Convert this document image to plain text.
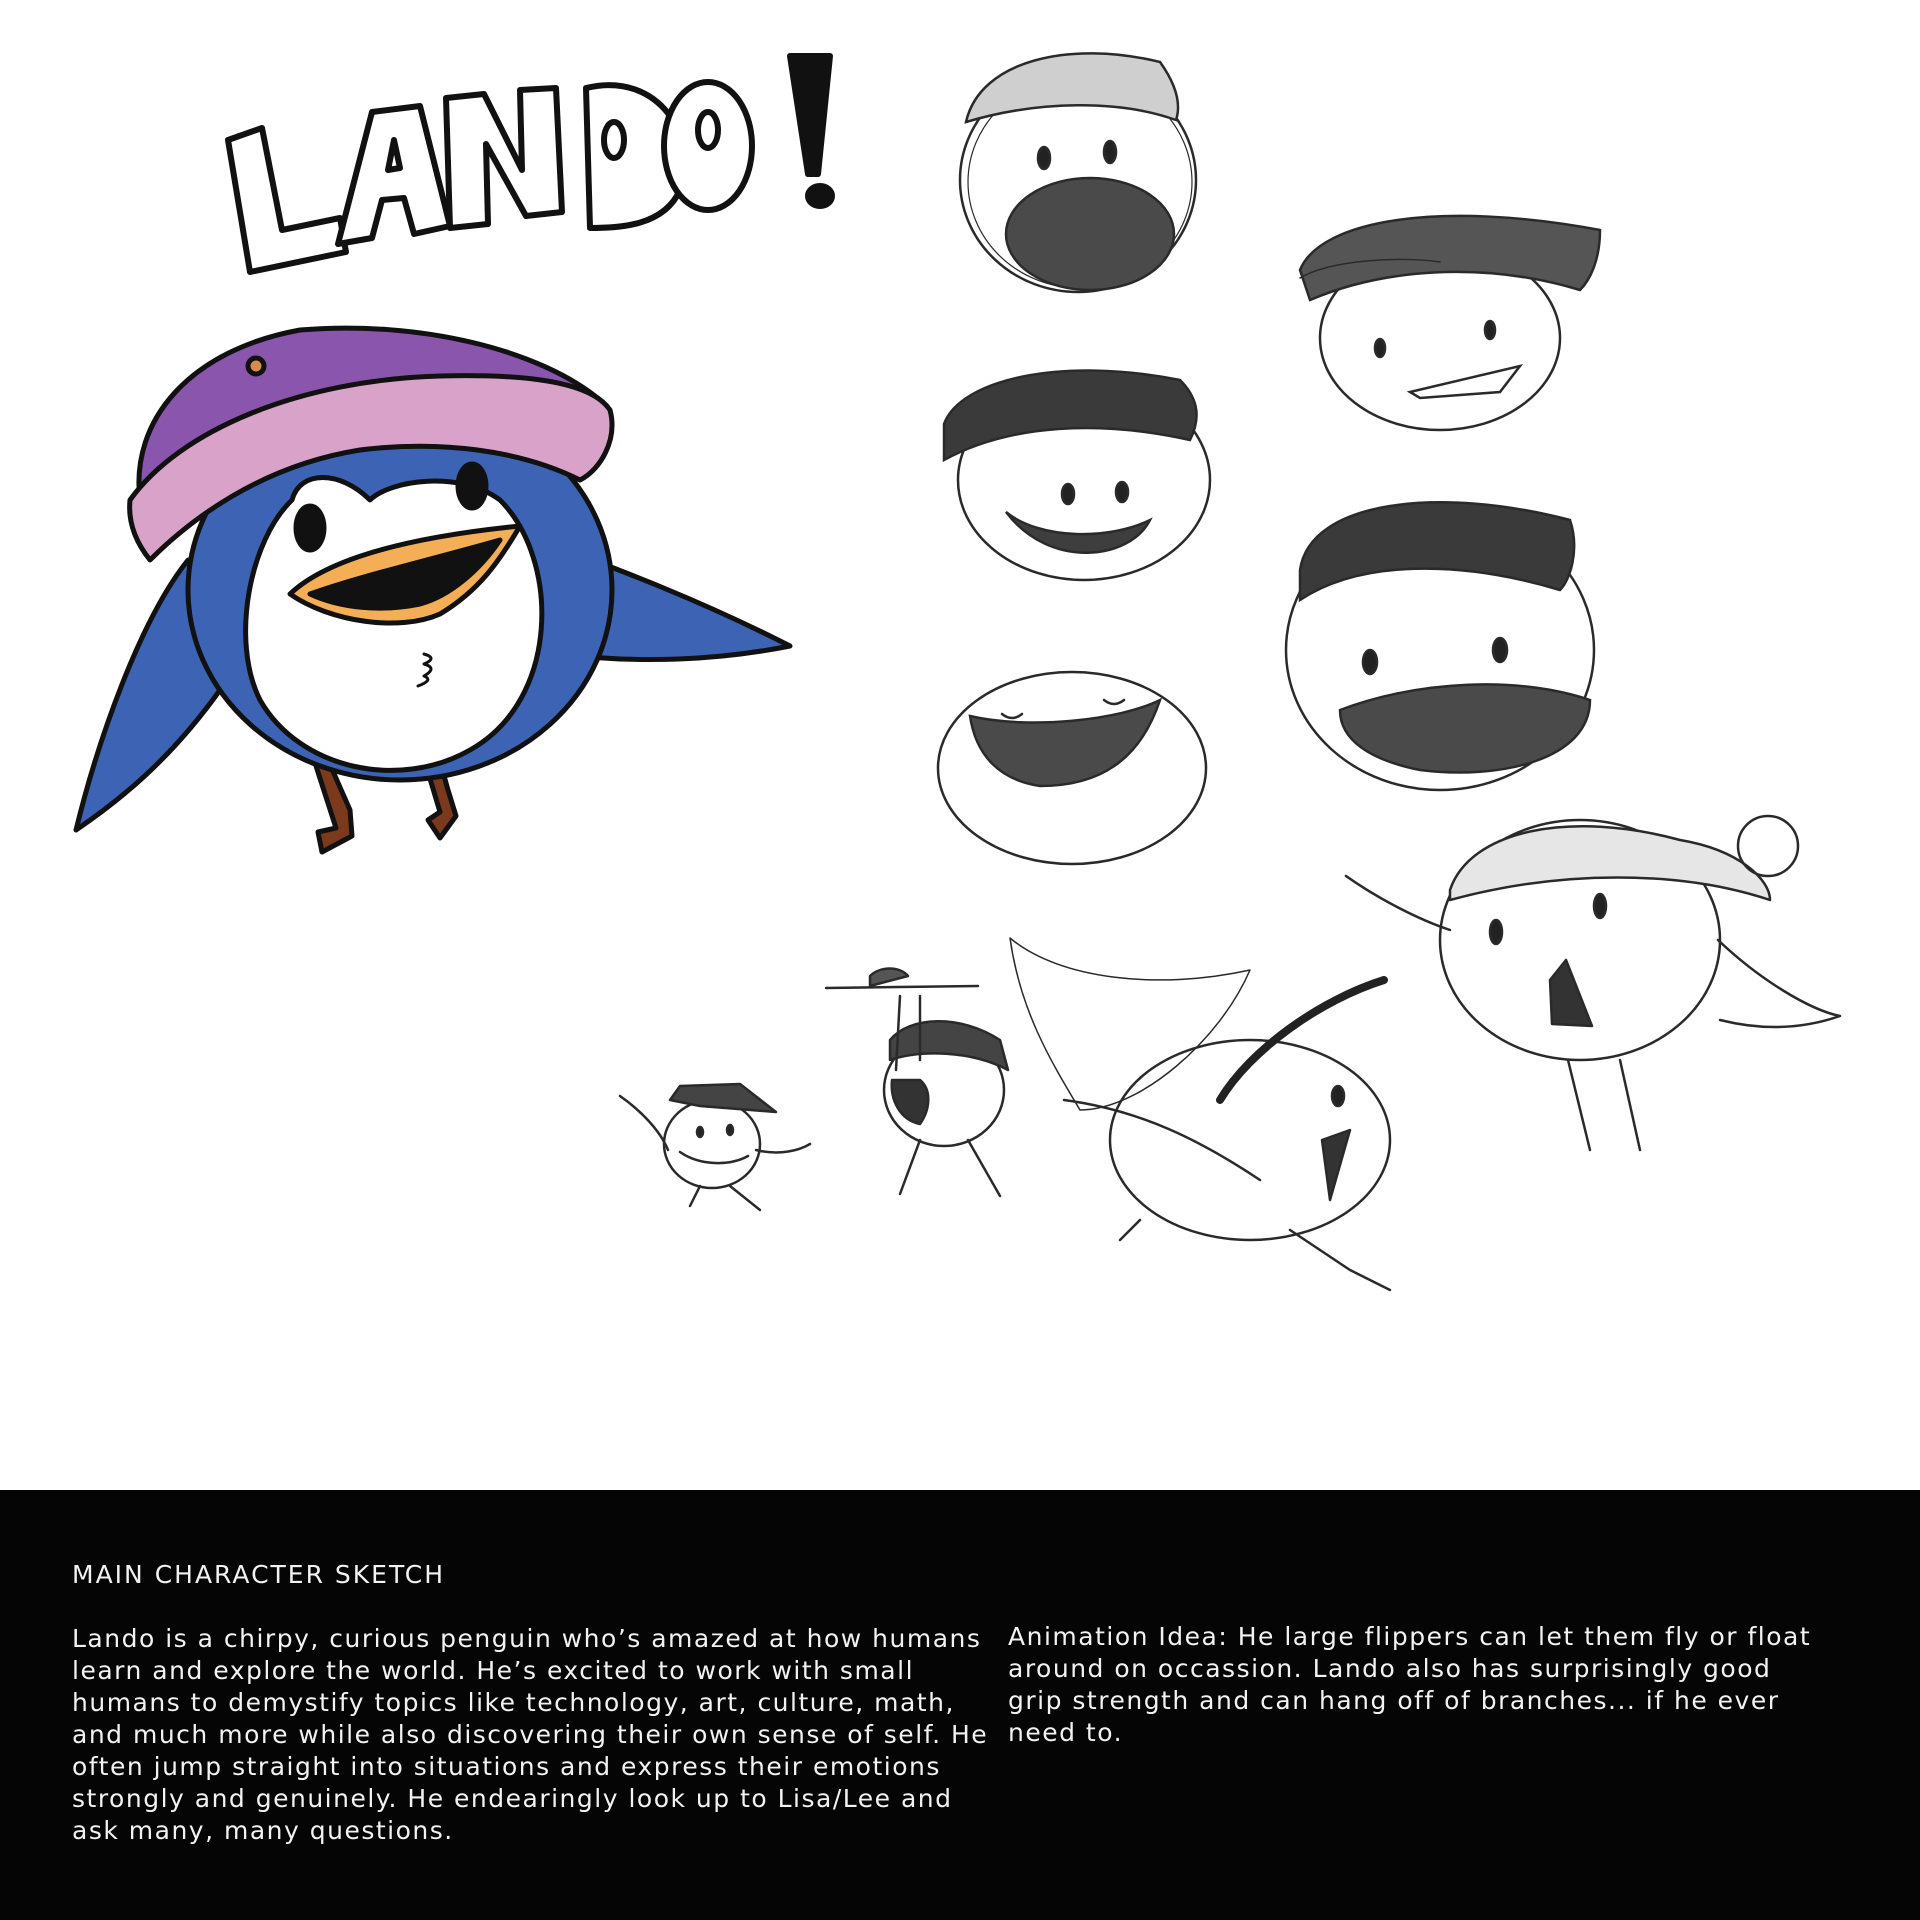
MAIN CHARACTER SKETCH
Lando is a chirpy, curious penguin who’s amazed at how humans
learn and explore the world. He’s excited to work with small
humans to demystify topics like technology, art, culture, math,
and much more while also discovering their own sense of self. He
often jump straight into situations and express their emotions
strongly and genuinely. He endearingly look up to Lisa/Lee and
ask many, many questions.
Animation Idea: He large flippers can let them fly or float
around on occassion. Lando also has surprisingly good
grip strength and can hang off of branches... if he ever
need to.
